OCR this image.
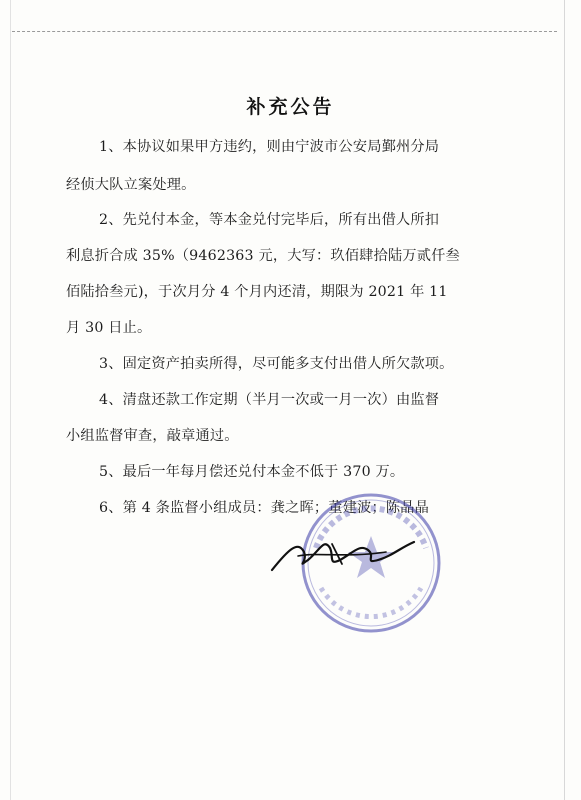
补充公告
1、本协议如果甲方违约，则由宁波市公安局鄞州分局
经侦大队立案处理。
2、先兑付本金，等本金兑付完毕后，所有出借人所扣
利息折合成 35%（9462363 元，大写：玖佰肆拾陆万贰仟叁
佰陆拾叁元)，于次月分 4 个月内还清，期限为 2021 年 11
月 30 日止。
3、固定资产拍卖所得，尽可能多支付出借人所欠款项。
4、清盘还款工作定期（半月一次或一月一次）由监督
小组监督审查，敲章通过。
5、最后一年每月偿还兑付本金不低于 370 万。
6、第 4 条监督小组成员：龚之晖；董建波；陈晶晶
